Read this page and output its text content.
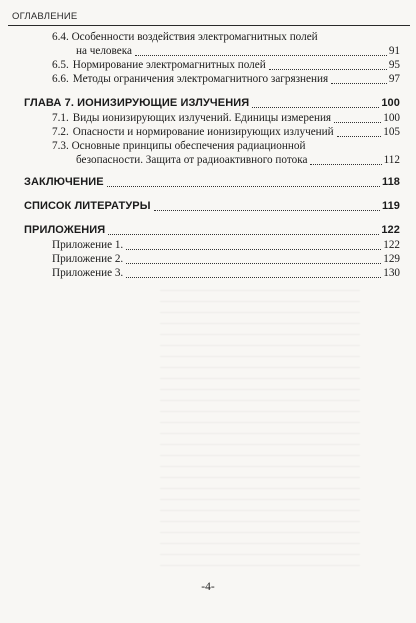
ОГЛАВЛЕНИЕ
6.4. Особенности воздействия электромагнитных полей
на человека	91
6.5. Нормирование электромагнитных полей	95
6.6. Методы ограничения электромагнитного загрязнения	97
ГЛАВА 7. ИОНИЗИРУЮЩИЕ ИЗЛУЧЕНИЯ	100
7.1. Виды ионизирующих излучений. Единицы измерения	100
7.2. Опасности и нормирование ионизирующих излучений	105
7.3. Основные принципы обеспечения радиационной
безопасности. Защита от радиоактивного потока	112
ЗАКЛЮЧЕНИЕ	118
СПИСОК ЛИТЕРАТУРЫ	119
ПРИЛОЖЕНИЯ	122
Приложение 1.	122
Приложение 2.	129
Приложение 3.	130
-4-
